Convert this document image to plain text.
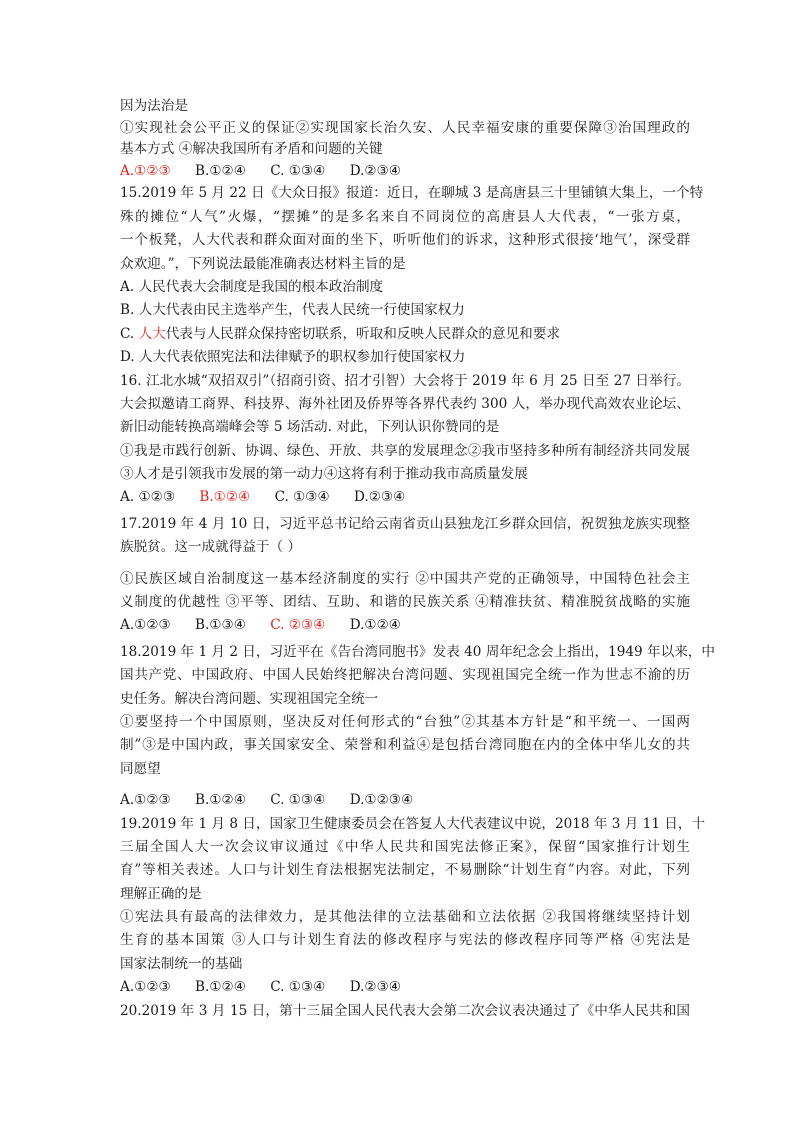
因为法治是
①实现社会公平正义的保证②实现国家长治久安、人民幸福安康的重要保障③治国理政的
基本方式 ④解决我国所有矛盾和问题的关键
A.①②③ B.①②④ C. ①③④ D.②③④
15.2019 年 5 月 22 日《大众日报》报道：近日，在聊城 3 是高唐县三十里铺镇大集上，一个特
殊的摊位“人气”火爆，“摆摊”的是多名来自不同岗位的高唐县人大代表，“一张方桌，
一个板凳，人大代表和群众面对面的坐下，听听他们的诉求，这种形式很接‘地气’，深受群
众欢迎。”，下列说法最能准确表达材料主旨的是
A. 人民代表大会制度是我国的根本政治制度
B. 人大代表由民主选举产生，代表人民统一行使国家权力
C. 人大代表与人民群众保持密切联系，听取和反映人民群众的意见和要求
D. 人大代表依照宪法和法律赋予的职权参加行使国家权力
16. 江北水城“双招双引”（招商引资、招才引智）大会将于 2019 年 6 月 25 日至 27 日举行。
大会拟邀请工商界、科技界、海外社团及侨界等各界代表约 300 人，举办现代高效农业论坛、
新旧动能转换高端峰会等 5 场活动. 对此，下列认识你赞同的是
①我是市践行创新、协调、绿色、开放、共享的发展理念②我市坚持多种所有制经济共同发展
③人才是引领我市发展的第一动力④这将有利于推动我市高质量发展
A. ①②③ B.①②④ C. ①③④ D.②③④
17.2019 年 4 月 10 日，习近平总书记给云南省贡山县独龙江乡群众回信，祝贺独龙族实现整
族脱贫。这一成就得益于（ ）
①民族区域自治制度这一基本经济制度的实行 ②中国共产党的正确领导，中国特色社会主
义制度的优越性 ③平等、团结、互助、和谐的民族关系 ④精准扶贫、精准脱贫战略的实施
A.①②③ B.①③④ C. ②③④ D.①②④
18.2019 年 1 月 2 日，习近平在《告台湾同胞书》发表 40 周年纪念会上指出，1949 年以来，中
国共产党、中国政府、中国人民始终把解决台湾问题、实现祖国完全统一作为世志不渝的历
史任务。解决台湾问题、实现祖国完全统一
①要坚持一个中国原则，坚决反对任何形式的“台独”②其基本方针是“和平统一、一国两
制”③是中国内政，事关国家安全、荣誉和利益④是包括台湾同胞在内的全体中华儿女的共
同愿望
A.①②③ B.①②④ C. ①③④ D.①②③④
19.2019 年 1 月 8 日，国家卫生健康委员会在答复人大代表建议中说，2018 年 3 月 11 日，十
三届全国人大一次会议审议通过《中华人民共和国宪法修正案》，保留“国家推行计划生
育”等相关表述。人口与计划生育法根据宪法制定，不易删除“计划生育”内容。对此，下列
理解正确的是
①宪法具有最高的法律效力，是其他法律的立法基础和立法依据 ②我国将继续坚持计划
生育的基本国策 ③人口与计划生育法的修改程序与宪法的修改程序同等严格 ④宪法是
国家法制统一的基础
A.①②③ B.①②④ C. ①③④ D.②③④
20.2019 年 3 月 15 日，第十三届全国人民代表大会第二次会议表决通过了《中华人民共和国
